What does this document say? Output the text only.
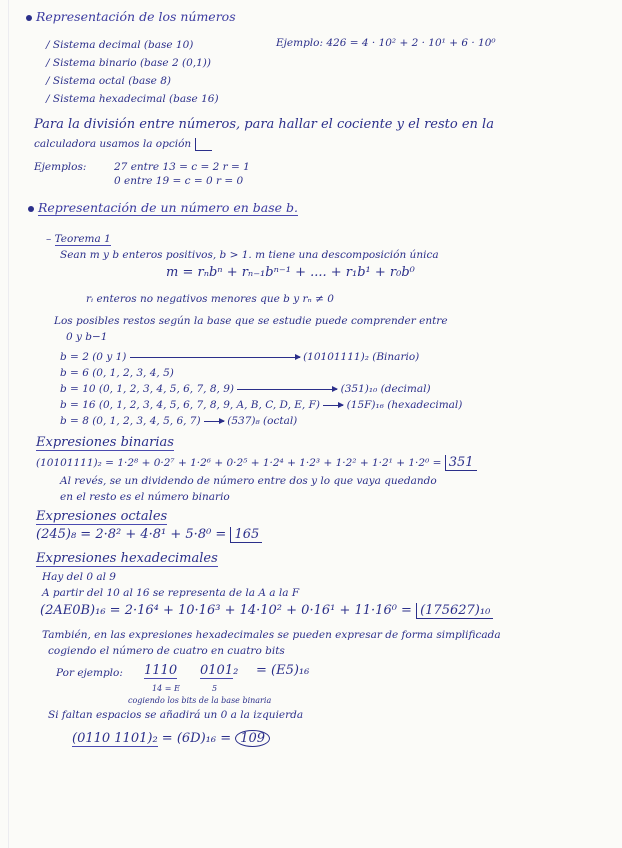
Representación de los números
/ Sistema decimal (base 10)	Ejemplo: 426 = 4 · 10² + 2 · 10¹ + 6 · 10⁰
/ Sistema binario (base 2 (0,1))
/ Sistema octal (base 8)
/ Sistema hexadecimal (base 16)
Para la división entre números, para hallar el cociente y el resto en la
calculadora usamos la opción
Ejemplos:	27 entre 13 = c = 2 r = 1
0 entre 19 = c = 0 r = 0
Representación de un número en base b.
– Teorema 1
Sean m y b enteros positivos, b > 1. m tiene una descomposición única
m = rₙbⁿ + rₙ₋₁bⁿ⁻¹ + .... + r₁b¹ + r₀b⁰
rᵢ enteros no negativos menores que b y rₙ ≠ 0
Los posibles restos según la base que se estudie puede comprender entre
0 y b−1
b = 2 (0 y 1)	(10101111)₂ (Binario)
b = 6 (0, 1, 2, 3, 4, 5)
b = 10 (0, 1, 2, 3, 4, 5, 6, 7, 8, 9)	(351)₁₀ (decimal)
b = 16 (0, 1, 2, 3, 4, 5, 6, 7, 8, 9, A, B, C, D, E, F)	(15F)₁₆ (hexadecimal)
b = 8 (0, 1, 2, 3, 4, 5, 6, 7)	(537)₈ (octal)
Expresiones binarias
(10101111)₂ = 1·2⁸ + 0·2⁷ + 1·2⁶ + 0·2⁵ + 1·2⁴ + 1·2³ + 1·2² + 1·2¹ + 1·2⁰ = 351
Al revés, se un dividendo de número entre dos y lo que vaya quedando
en el resto es el número binario
Expresiones octales
(245)₈ = 2·8² + 4·8¹ + 5·8⁰ = 165
Expresiones hexadecimales
Hay del 0 al 9
A partir del 10 al 16 se representa de la A a la F
(2AE0B)₁₆ = 2·16⁴ + 10·16³ + 14·10² + 0·16¹ + 11·16⁰ = (175627)₁₀
También, en las expresiones hexadecimales se pueden expresar de forma simplificada
cogiendo el número de cuatro en cuatro bits
Por ejemplo: 1110 0101₂ = (E5)₁₆
14 = E	5
cogiendo los bits de la base binaria
Si faltan espacios se añadirá un 0 a la izquierda
(0110 1101)₂ = (6D)₁₆ = 109
